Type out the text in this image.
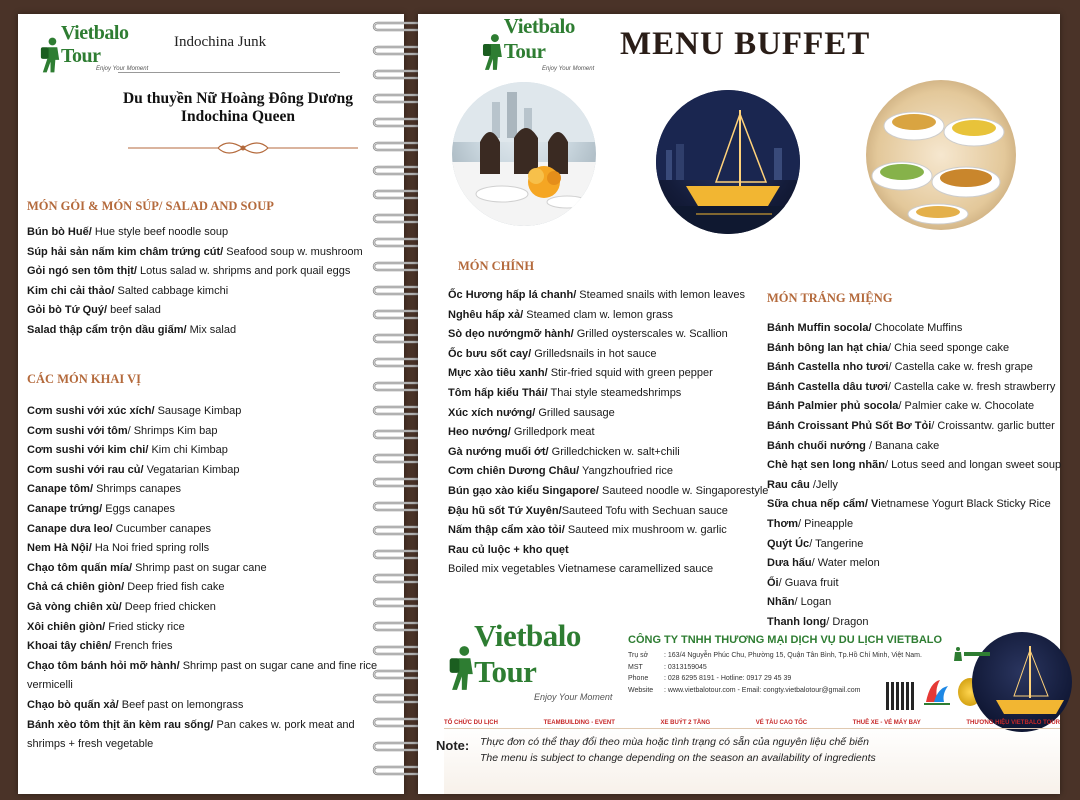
Vietbalo Tour
Enjoy Your Moment
Indochina Junk
Du thuyền Nữ Hoàng Đông Dương
Indochina Queen
MÓN GỎI & MÓN SÚP/ SALAD AND SOUP
Bún bò Huế/ Hue style beef noodle soup
Súp hải sản nấm kim châm trứng cút/ Seafood soup w. mushroom
Gỏi ngó sen tôm thịt/ Lotus salad w. shripms and pork quail eggs
Kim chi cải thảo/ Salted cabbage kimchi
Gỏi bò Tứ Quý/ beef salad
Salad thập cẩm trộn dầu giấm/ Mix salad
CÁC MÓN KHAI VỊ
Cơm sushi với xúc xích/ Sausage Kimbap
Cơm sushi với tôm/ Shrimps Kim bap
Cơm sushi với kim chi/ Kim chi Kimbap
Cơm sushi với rau củ/ Vegatarian Kimbap
Canape tôm/ Shrimps canapes
Canape trứng/ Eggs canapes
Canape dưa leo/ Cucumber canapes
Nem Hà Nội/ Ha Noi fried spring rolls
Chạo tôm quấn mía/ Shrimp past on sugar cane
Chả cá chiên giòn/ Deep fried fish cake
Gà vòng chiên xù/ Deep fried chicken
Xôi chiên giòn/ Fried sticky rice
Khoai tây chiên/ French fries
Chạo tôm bánh hỏi mỡ hành/ Shrimp past on sugar cane and fine rice vermicelli
Chạo bò quấn xả/ Beef past on lemongrass
Bánh xèo tôm thịt ăn kèm rau sống/ Pan cakes w. pork meat and shrimps + fresh vegetable
Vietbalo Tour
Enjoy Your Moment
MENU BUFFET
MÓN CHÍNH
Ốc Hương hấp lá chanh/ Steamed snails with lemon leaves
Nghêu hấp xả/ Steamed clam w. lemon grass
Sò dẹo nướngmỡ hành/ Grilled oysterscales w. Scallion
Ốc bưu sốt cay/ Grilledsnails in hot sauce
Mực xào tiêu xanh/ Stir-fried squid with green pepper
Tôm hấp kiểu Thái/ Thai style steamedshrimps
Xúc xích nướng/ Grilled sausage
Heo nướng/ Grilledpork meat
Gà nướng muối ớt/ Grilledchicken w. salt+chili
Cơm chiên Dương Châu/ Yangzhoufried rice
Bún gạo xào kiểu Singapore/ Sauteed noodle w. Singaporestyle
Đậu hũ sốt Tứ Xuyên/Sauteed Tofu with Sechuan sauce
Nấm thập cẩm xào tỏi/ Sauteed mix mushroom w. garlic
Rau củ luộc + kho quẹt
Boiled mix vegetables Vietnamese caramellized sauce
MÓN TRÁNG MIỆNG
Bánh Muffin socola/ Chocolate Muffins
Bánh bông lan hạt chia/ Chia seed sponge cake
Bánh Castella nho tươi/ Castella cake w. fresh grape
Bánh Castella dâu tươi/ Castella cake w. fresh strawberry
Bánh Palmier phủ socola/ Palmier cake w. Chocolate
Bánh Croissant Phủ Sốt Bơ Tỏi/ Croissantw. garlic butter
Bánh chuối nướng / Banana cake
Chè hạt sen long nhãn/ Lotus seed and longan sweet soup
Rau câu /Jelly
Sữa chua nếp cẩm/ Vietnamese Yogurt Black Sticky Rice
Thơm/ Pineapple
Quýt Úc/ Tangerine
Dưa hấu/ Water melon
Ổi/ Guava fruit
Nhãn/ Logan
Thanh long/ Dragon
Vietbalo Tour
Enjoy Your Moment
CÔNG TY TNHH THƯƠNG MẠI DỊCH VỤ DU LỊCH VIETBALO
Trụ sở : 163/4 Nguyễn Phúc Chu, Phường 15, Quận Tân Bình, Tp.Hồ Chí Minh, Việt Nam.
MST	: 0313159045
Phone : 028 6295 8191 - Hotline: 0917 29 45 39
Website : www.vietbalotour.com - Email: congty.vietbalotour@gmail.com
TỔ CHỨC DU LỊCH	TEAMBUILDING - EVENT	XE BUÝT 2 TẦNG	VÉ TÀU CAO TỐC	THUÊ XE - VÉ MÁY BAY	THƯƠNG HIỆU VIETBALO TOUR
Note: Thực đơn có thể thay đổi theo mùa hoặc tình trạng có sẵn của nguyên liệu chế biến
The menu is subject to change depending on the season an availability of ingredients
